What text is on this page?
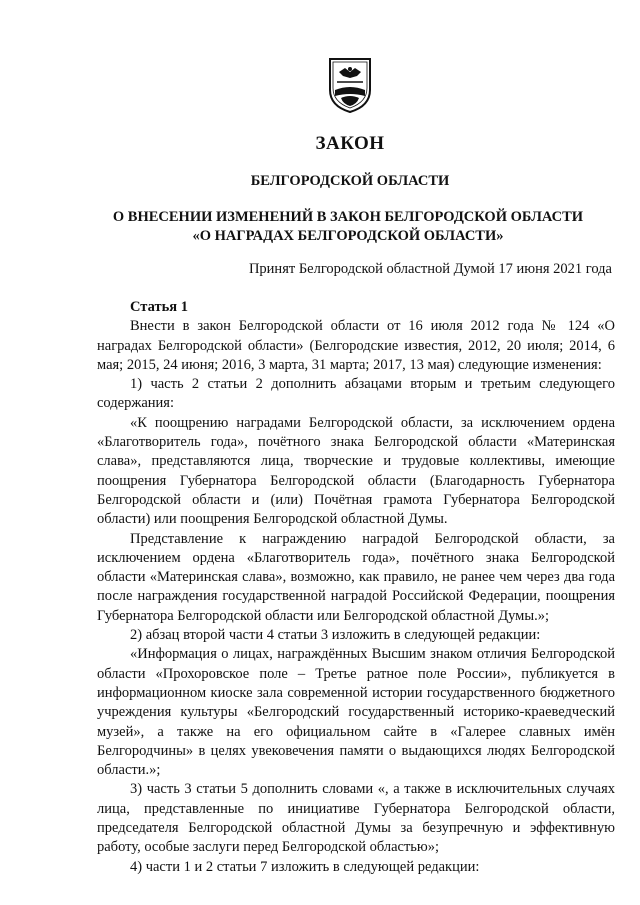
ЗАКОН
БЕЛГОРОДСКОЙ ОБЛАСТИ
О ВНЕСЕНИИ ИЗМЕНЕНИЙ В ЗАКОН БЕЛГОРОДСКОЙ ОБЛАСТИ
«О НАГРАДАХ БЕЛГОРОДСКОЙ ОБЛАСТИ»
Принят Белгородской областной Думой 17 июня 2021 года

Статья 1

Внести в закон Белгородской области от 16 июля 2012 года № 124 «О наградах Белгородской области» (Белгородские известия, 2012, 20 июля; 2014, 6 мая; 2015, 24 июня; 2016, 3 марта, 31 марта; 2017, 13 мая) следующие изменения:

1) часть 2 статьи 2 дополнить абзацами вторым и третьим следующего содержания:

«К поощрению наградами Белгородской области, за исключением ордена «Благотворитель года», почётного знака Белгородской области «Материнская слава», представляются лица, творческие и трудовые коллективы, имеющие поощрения Губернатора Белгородской области (Благодарность Губернатора Белгородской области и (или) Почётная грамота Губернатора Белгородской области) или поощрения Белгородской областной Думы.

Представление к награждению наградой Белгородской области, за исключением ордена «Благотворитель года», почётного знака Белгородской области «Материнская слава», возможно, как правило, не ранее чем через два года после награждения государственной наградой Российской Федерации, поощрения Губернатора Белгородской области или Белгородской областной Думы.»;

2) абзац второй части 4 статьи 3 изложить в следующей редакции:

«Информация о лицах, награждённых Высшим знаком отличия Белгородской области «Прохоровское поле – Третье ратное поле России», публикуется в информационном киоске зала современной истории государственного бюджетного учреждения культуры «Белгородский государственный историко-краеведческий музей», а также на его официальном сайте в «Галерее славных имён Белгородчины» в целях увековечения памяти о выдающихся людях Белгородской области.»;

3) часть 3 статьи 5 дополнить словами «, а также в исключительных случаях лица, представленные по инициативе Губернатора Белгородской области, председателя Белгородской областной Думы за безупречную и эффективную работу, особые заслуги перед Белгородской областью»;

4) части 1 и 2 статьи 7 изложить в следующей редакции:
